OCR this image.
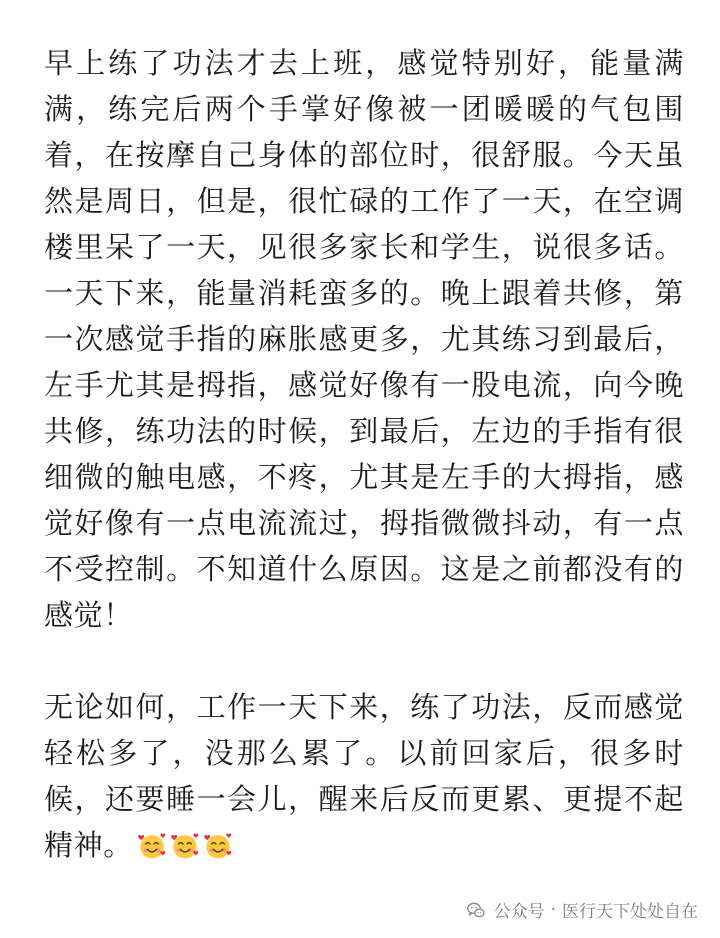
早上练了功法才去上班，感觉特别好，能量满满，练完后两个手掌好像被一团暖暖的气包围着，在按摩自己身体的部位时，很舒服。今天虽然是周日，但是，很忙碌的工作了一天，在空调楼里呆了一天，见很多家长和学生，说很多话。一天下来，能量消耗蛮多的。晚上跟着共修，第一次感觉手指的麻胀感更多，尤其练习到最后，左手尤其是拇指，感觉好像有一股电流，向今晚共修，练功法的时候，到最后，左边的手指有很细微的触电感，不疼，尤其是左手的大拇指，感觉好像有一点电流流过，拇指微微抖动，有一点不受控制。不知道什么原因。这是之前都没有的感觉！

无论如何，工作一天下来，练了功法，反而感觉轻松多了，没那么累了。以前回家后，很多时候，还要睡一会儿，醒来后反而更累、更提不起精神。

公众号 · 医行天下处处自在
